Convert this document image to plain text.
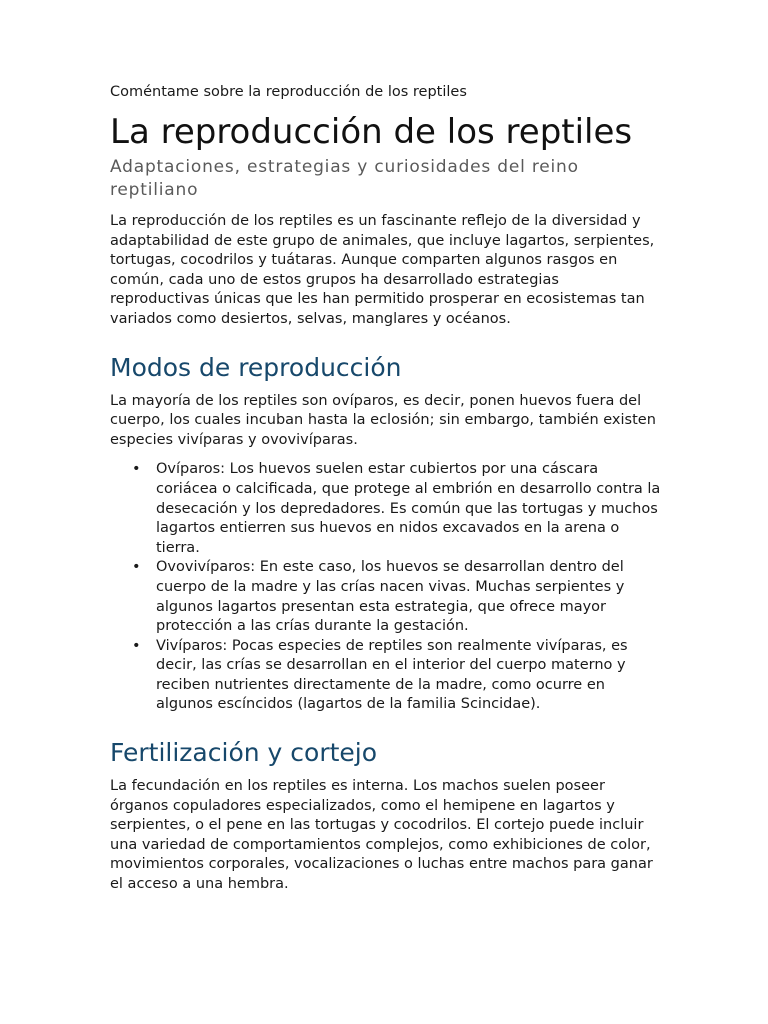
Coméntame sobre la reproducción de los reptiles
La reproducción de los reptiles
Adaptaciones, estrategias y curiosidades del reino reptiliano

La reproducción de los reptiles es un fascinante reflejo de la diversidad y adaptabilidad de este grupo de animales, que incluye lagartos, serpientes, tortugas, cocodrilos y tuátaras. Aunque comparten algunos rasgos en común, cada uno de estos grupos ha desarrollado estrategias reproductivas únicas que les han permitido prosperar en ecosistemas tan variados como desiertos, selvas, manglares y océanos.

Modos de reproducción

La mayoría de los reptiles son ovíparos, es decir, ponen huevos fuera del cuerpo, los cuales incuban hasta la eclosión; sin embargo, también existen especies vivíparas y ovovivíparas.

• Ovíparos: Los huevos suelen estar cubiertos por una cáscara coriácea o calcificada, que protege al embrión en desarrollo contra la desecación y los depredadores. Es común que las tortugas y muchos lagartos entierren sus huevos en nidos excavados en la arena o tierra.
• Ovovivíparos: En este caso, los huevos se desarrollan dentro del cuerpo de la madre y las crías nacen vivas. Muchas serpientes y algunos lagartos presentan esta estrategia, que ofrece mayor protección a las crías durante la gestación.
• Vivíparos: Pocas especies de reptiles son realmente vivíparas, es decir, las crías se desarrollan en el interior del cuerpo materno y reciben nutrientes directamente de la madre, como ocurre en algunos escíncidos (lagartos de la familia Scincidae).
Fertilización y cortejo

La fecundación en los reptiles es interna. Los machos suelen poseer órganos copuladores especializados, como el hemipene en lagartos y serpientes, o el pene en las tortugas y cocodrilos. El cortejo puede incluir una variedad de comportamientos complejos, como exhibiciones de color, movimientos corporales, vocalizaciones o luchas entre machos para ganar el acceso a una hembra.
